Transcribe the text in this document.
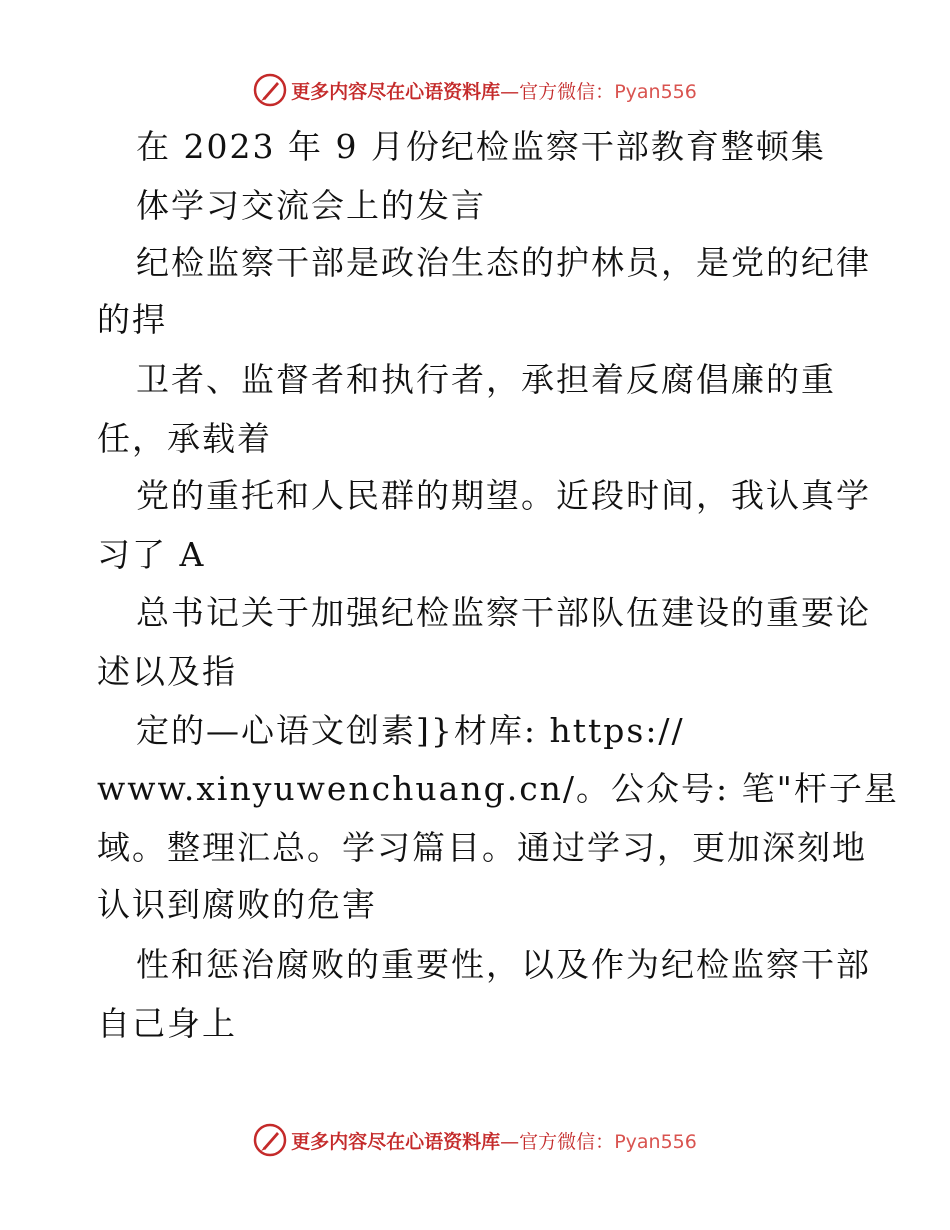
更多内容尽在心语资料库—官方微信：Pyan556
在 2023 年 9 月份纪检监察干部教育整顿集
体学习交流会上的发言
纪检监察干部是政治生态的护林员，是党的纪律
的捍
卫者、监督者和执行者，承担着反腐倡廉的重
任，承载着
党的重托和人民群的期望。近段时间，我认真学
习了 A
总书记关于加强纪检监察干部队伍建设的重要论
述以及指
定的—心语文创素]}材库: https://
www.xinyuwenchuang.cn/。公众号: 笔"杆子星
域。整理汇总。学习篇目。通过学习，更加深刻地
认识到腐败的危害
性和惩治腐败的重要性，以及作为纪检监察干部
自己身上
更多内容尽在心语资料库—官方微信：Pyan556
